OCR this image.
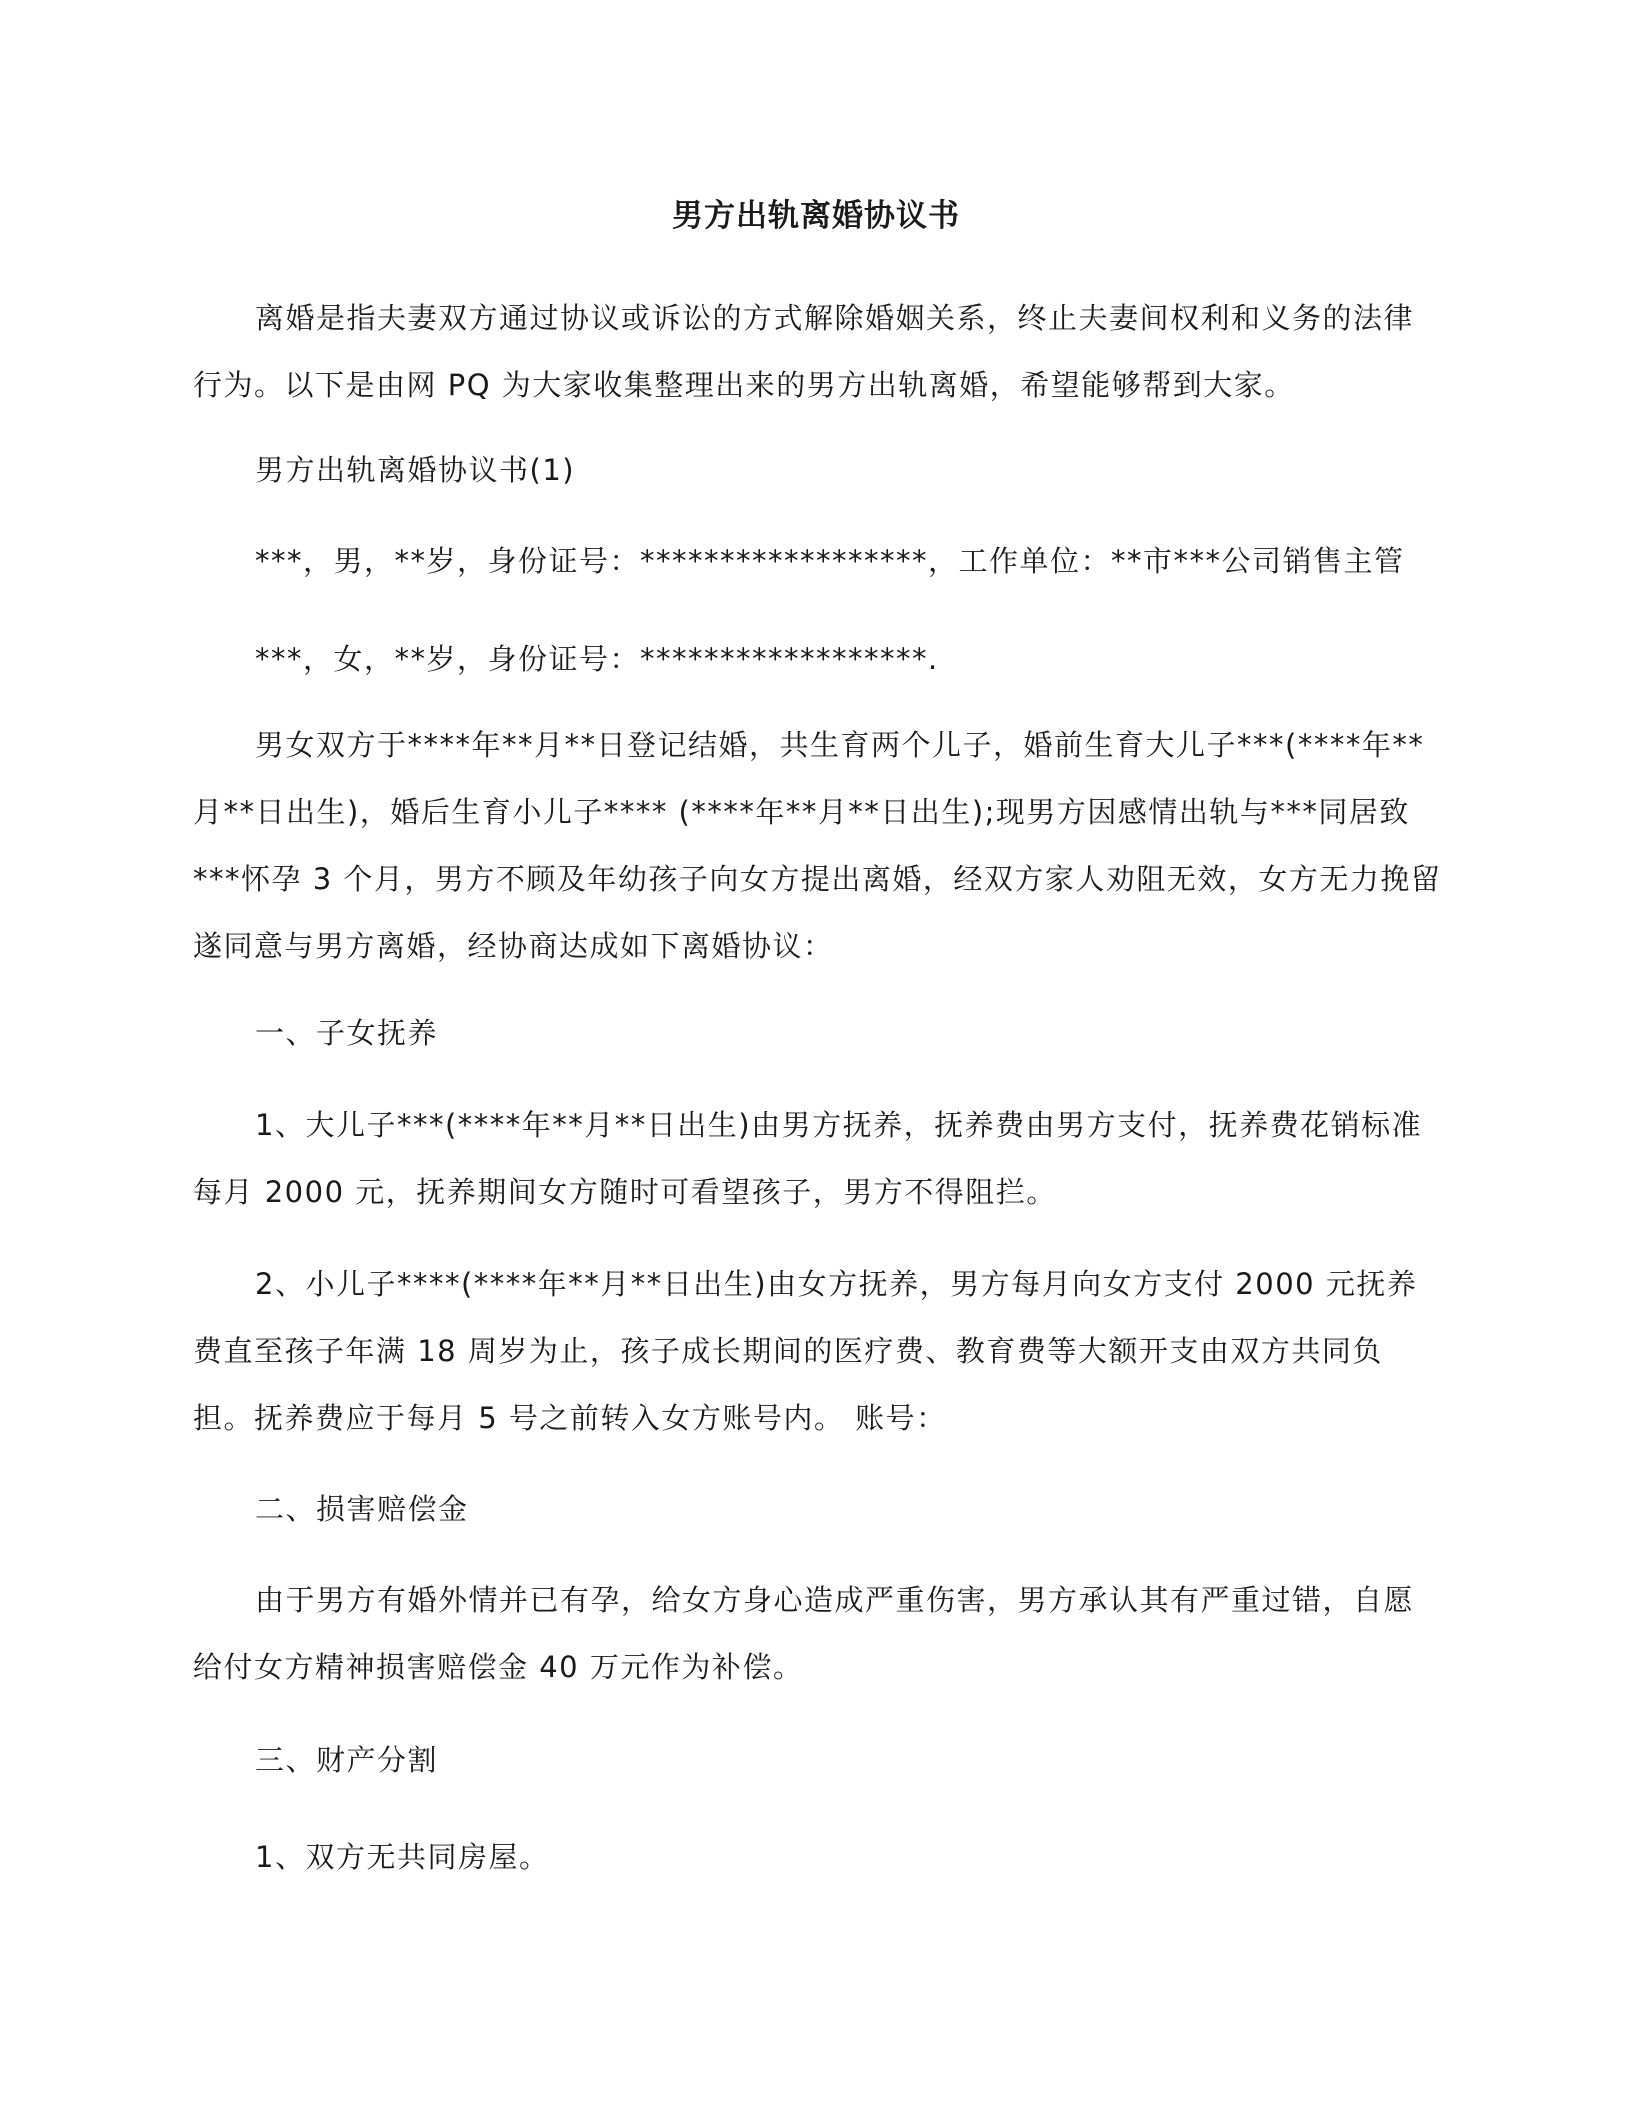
男方出轨离婚协议书

离婚是指夫妻双方通过协议或诉讼的方式解除婚姻关系，终止夫妻间权利和义务的法律行为。以下是由网 PQ 为大家收集整理出来的男方出轨离婚，希望能够帮到大家。

男方出轨离婚协议书(1)

***，男，**岁，身份证号：******************，工作单位：**市***公司销售主管

***，女，**岁，身份证号：******************.

男女双方于****年**月**日登记结婚，共生育两个儿子，婚前生育大儿子***(****年**月**日出生)，婚后生育小儿子**** (****年**月**日出生);现男方因感情出轨与***同居致***怀孕 3 个月，男方不顾及年幼孩子向女方提出离婚，经双方家人劝阻无效，女方无力挽留遂同意与男方离婚，经协商达成如下离婚协议：

一、子女抚养

1、大儿子***(****年**月**日出生)由男方抚养，抚养费由男方支付，抚养费花销标准每月 2000 元，抚养期间女方随时可看望孩子，男方不得阻拦。

2、小儿子****(****年**月**日出生)由女方抚养，男方每月向女方支付 2000 元抚养费直至孩子年满 18 周岁为止，孩子成长期间的医疗费、教育费等大额开支由双方共同负担。抚养费应于每月 5 号之前转入女方账号内。 账号：

二、损害赔偿金

由于男方有婚外情并已有孕，给女方身心造成严重伤害，男方承认其有严重过错，自愿给付女方精神损害赔偿金 40 万元作为补偿。

三、财产分割

1、双方无共同房屋。
